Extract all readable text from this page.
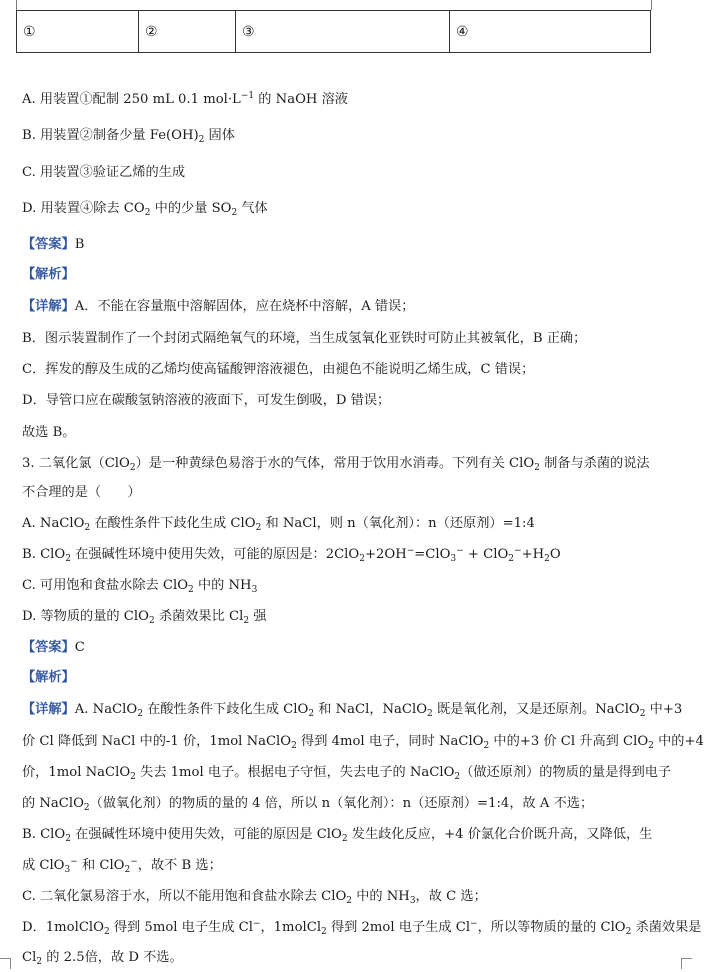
①	②	③	④
A. 用装置①配制 250 mL 0.1 $mol\cdot L^{-1}$ 的 NaOH 溶液
B. 用装置②制备少量 $Fe(OH)_2$ 固体
C. 用装置③验证乙烯的生成
D. 用装置④除去 $CO_2$ 中的少量 $SO_2$ 气体
【答案】B
【解析】
【详解】A．不能在容量瓶中溶解固体，应在烧杯中溶解，A 错误；
B．图示装置制作了一个封闭式隔绝氧气的环境，当生成氢氧化亚铁时可防止其被氧化，B 正确；
C．挥发的醇及生成的乙烯均使高锰酸钾溶液褪色，由褪色不能说明乙烯生成，C 错误；
D．导管口应在碳酸氢钠溶液的液面下，可发生倒吸，D 错误；
故选 B。
3. 二氧化氯（ClO$_2$）是一种黄绿色易溶于水的气体，常用于饮用水消毒。下列有关 ClO$_2$ 制备与杀菌的说法
不合理的是（　　）
A. NaClO$_2$ 在酸性条件下歧化生成 ClO$_2$ 和 NaCl，则 n（氧化剂）：n（还原剂）=1:4
B. ClO$_2$ 在强碱性环境中使用失效，可能的原因是：$2ClO_2+2OH^-=ClO_3^- + ClO_2^-+H_2O$
C. 可用饱和食盐水除去 ClO$_2$ 中的 $NH_3$
D. 等物质的量的 ClO$_2$ 杀菌效果比 $Cl_2$ 强
【答案】C
【解析】
【详解】A. NaClO$_2$ 在酸性条件下歧化生成 ClO$_2$ 和 NaCl，NaClO$_2$ 既是氧化剂，又是还原剂。NaClO$_2$ 中+3
价 Cl 降低到 NaCl 中的-1 价，1mol NaClO$_2$ 得到 4mol 电子，同时 NaClO$_2$ 中的+3 价 Cl 升高到 ClO$_2$ 中的+4
价，1mol NaClO$_2$ 失去 1mol 电子。根据电子守恒，失去电子的 NaClO$_2$（做还原剂）的物质的量是得到电子
的 NaClO$_2$（做氧化剂）的物质的量的 4 倍，所以 n（氧化剂）：n（还原剂）=1:4，故 A 不选；
B. ClO$_2$ 在强碱性环境中使用失效，可能的原因是 ClO$_2$ 发生歧化反应，+4 价氯化合价既升高，又降低，生
成 ClO$_3$− 和 ClO$_2$−，故不 B 选；
C. 二氧化氯易溶于水，所以不能用饱和食盐水除去 ClO$_2$ 中的 $NH_3$，故 C 选；
D．1molClO$_2$ 得到 5mol 电子生成 Cl−，1molCl$_2$ 得到 2mol 电子生成 Cl−，所以等物质的量的 ClO$_2$ 杀菌效果是
$Cl_2$ 的 2.5倍，故 D 不选。
